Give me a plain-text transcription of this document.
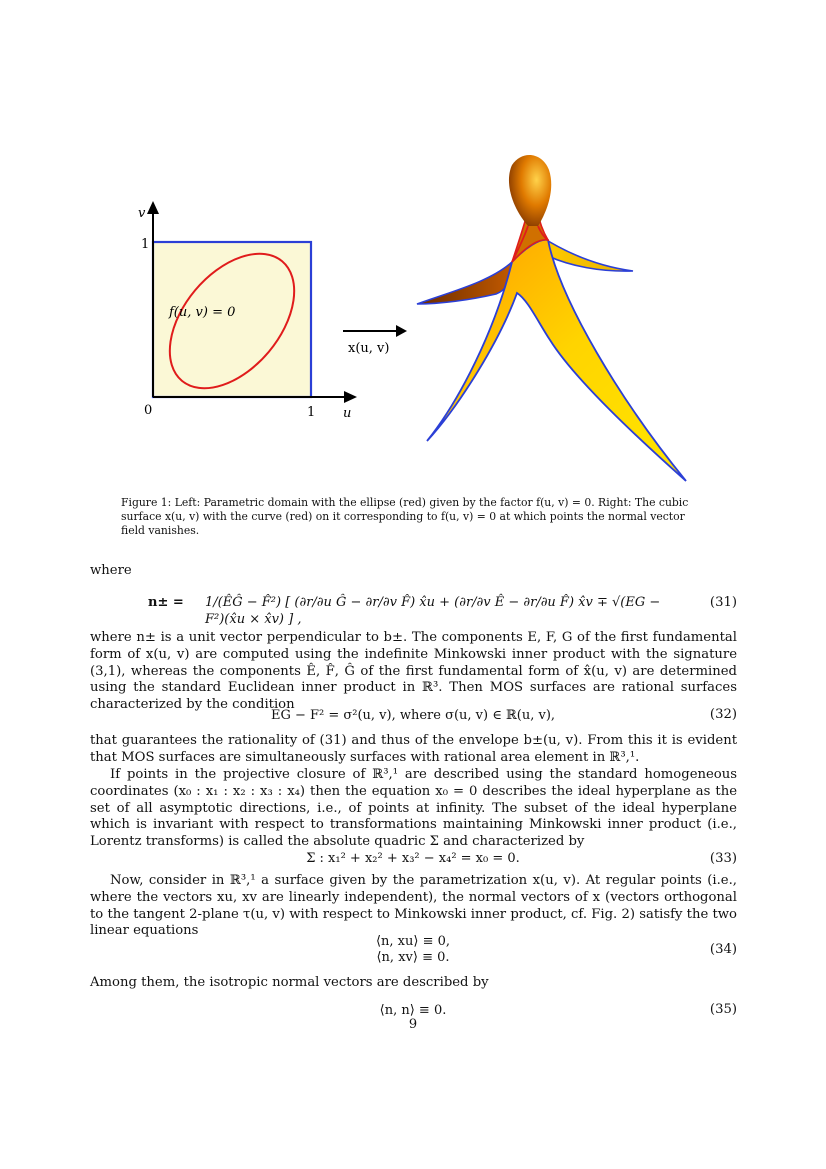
v
1
0	1 u
f(u, v) = 0
x(u, v)
Figure 1: Left: Parametric domain with the ellipse (red) given by the factor f(u, v) = 0. Right: The cubic surface x(u, v) with the curve (red) on it corresponding to f(u, v) = 0 at which points the normal vector field vanishes.
where
n± = 1/(ÊĜ − F̂²) [ (∂r/∂u Ĝ − ∂r/∂v F̂) x̂u + (∂r/∂v Ê − ∂r/∂u F̂) x̂v ∓ √(EG − F²)(x̂u × x̂v) ] ,
(31)
where n± is a unit vector perpendicular to b±. The components E, F, G of the first fundamental form of x(u, v) are computed using the indefinite Minkowski inner product with the signature (3,1), whereas the components Ê, F̂, Ĝ of the first fundamental form of x̂(u, v) are determined using the standard Euclidean inner product in ℝ³. Then MOS surfaces are rational surfaces characterized by the condition
EG − F² = σ²(u, v), where σ(u, v) ∈ ℝ(u, v),	(32)
that guarantees the rationality of (31) and thus of the envelope b±(u, v). From this it is evident that MOS surfaces are simultaneously surfaces with rational area element in ℝ³,¹.
If points in the projective closure of ℝ³,¹ are described using the standard homogeneous coordinates (x₀ : x₁ : x₂ : x₃ : x₄) then the equation x₀ = 0 describes the ideal hyperplane as the set of all asymptotic directions, i.e., of points at infinity. The subset of the ideal hyperplane which is invariant with respect to transformations maintaining Minkowski inner product (i.e., Lorentz transforms) is called the absolute quadric Σ and characterized by
Σ : x₁² + x₂² + x₃² − x₄² = x₀ = 0.	(33)
Now, consider in ℝ³,¹ a surface given by the parametrization x(u, v). At regular points (i.e., where the vectors xu, xv are linearly independent), the normal vectors of x (vectors orthogonal to the tangent 2-plane τ(u, v) with respect to Minkowski inner product, cf. Fig. 2) satisfy the two linear equations
⟨n, xu⟩ ≡ 0,
⟨n, xv⟩ ≡ 0.
(34)
Among them, the isotropic normal vectors are described by
⟨n, n⟩ ≡ 0.	(35)
9
